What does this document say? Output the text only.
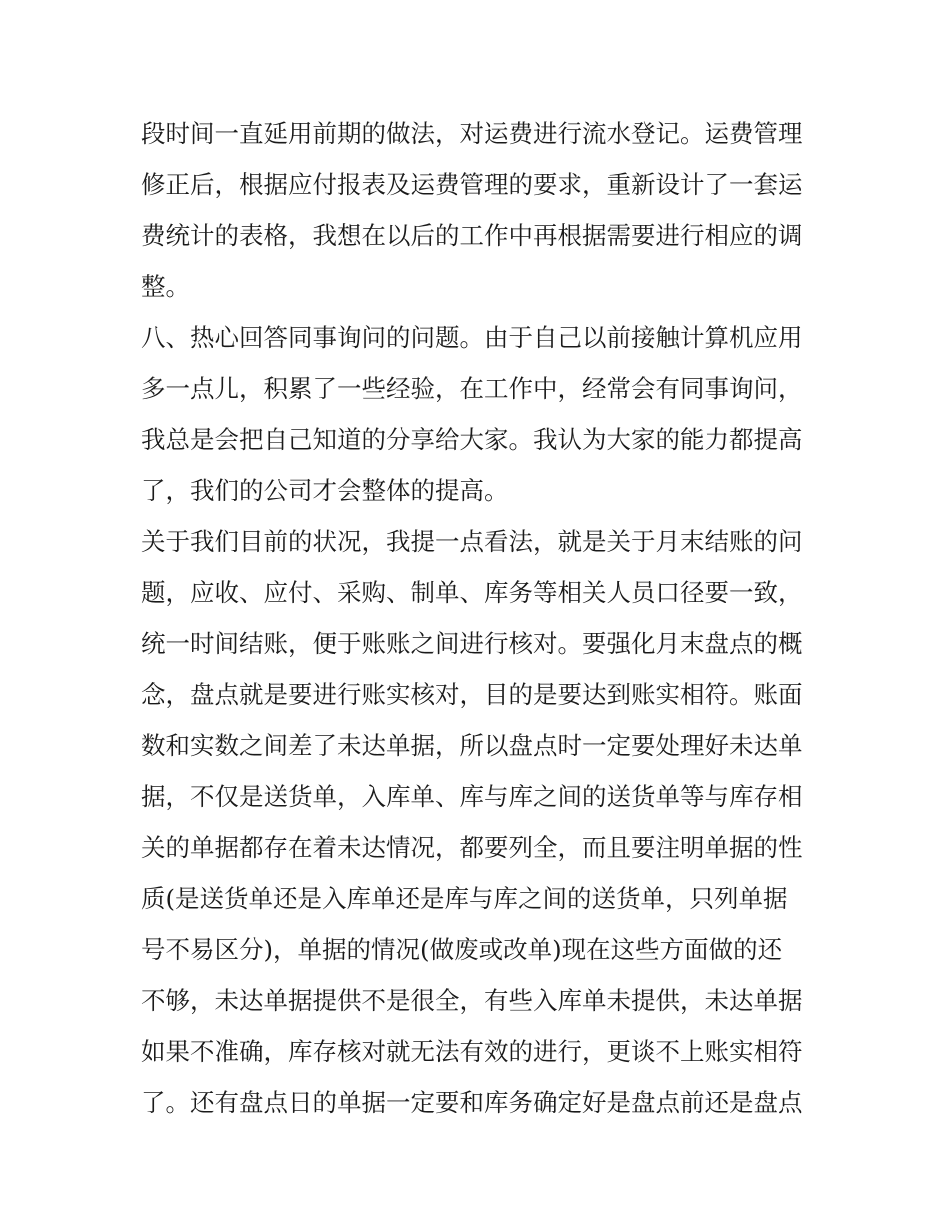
段时间一直延用前期的做法，对运费进行流水登记。运费管理
修正后，根据应付报表及运费管理的要求，重新设计了一套运
费统计的表格，我想在以后的工作中再根据需要进行相应的调
整。
八、热心回答同事询问的问题。由于自己以前接触计算机应用
多一点儿，积累了一些经验，在工作中，经常会有同事询问，
我总是会把自己知道的分享给大家。我认为大家的能力都提高
了，我们的公司才会整体的提高。
关于我们目前的状况，我提一点看法，就是关于月末结账的问
题，应收、应付、采购、制单、库务等相关人员口径要一致，
统一时间结账，便于账账之间进行核对。要强化月末盘点的概
念，盘点就是要进行账实核对，目的是要达到账实相符。账面
数和实数之间差了未达单据，所以盘点时一定要处理好未达单
据，不仅是送货单，入库单、库与库之间的送货单等与库存相
关的单据都存在着未达情况，都要列全，而且要注明单据的性
质(是送货单还是入库单还是库与库之间的送货单，只列单据
号不易区分)，单据的情况(做废或改单)现在这些方面做的还
不够，未达单据提供不是很全，有些入库单未提供，未达单据
如果不准确，库存核对就无法有效的进行，更谈不上账实相符
了。还有盘点日的单据一定要和库务确定好是盘点前还是盘点
